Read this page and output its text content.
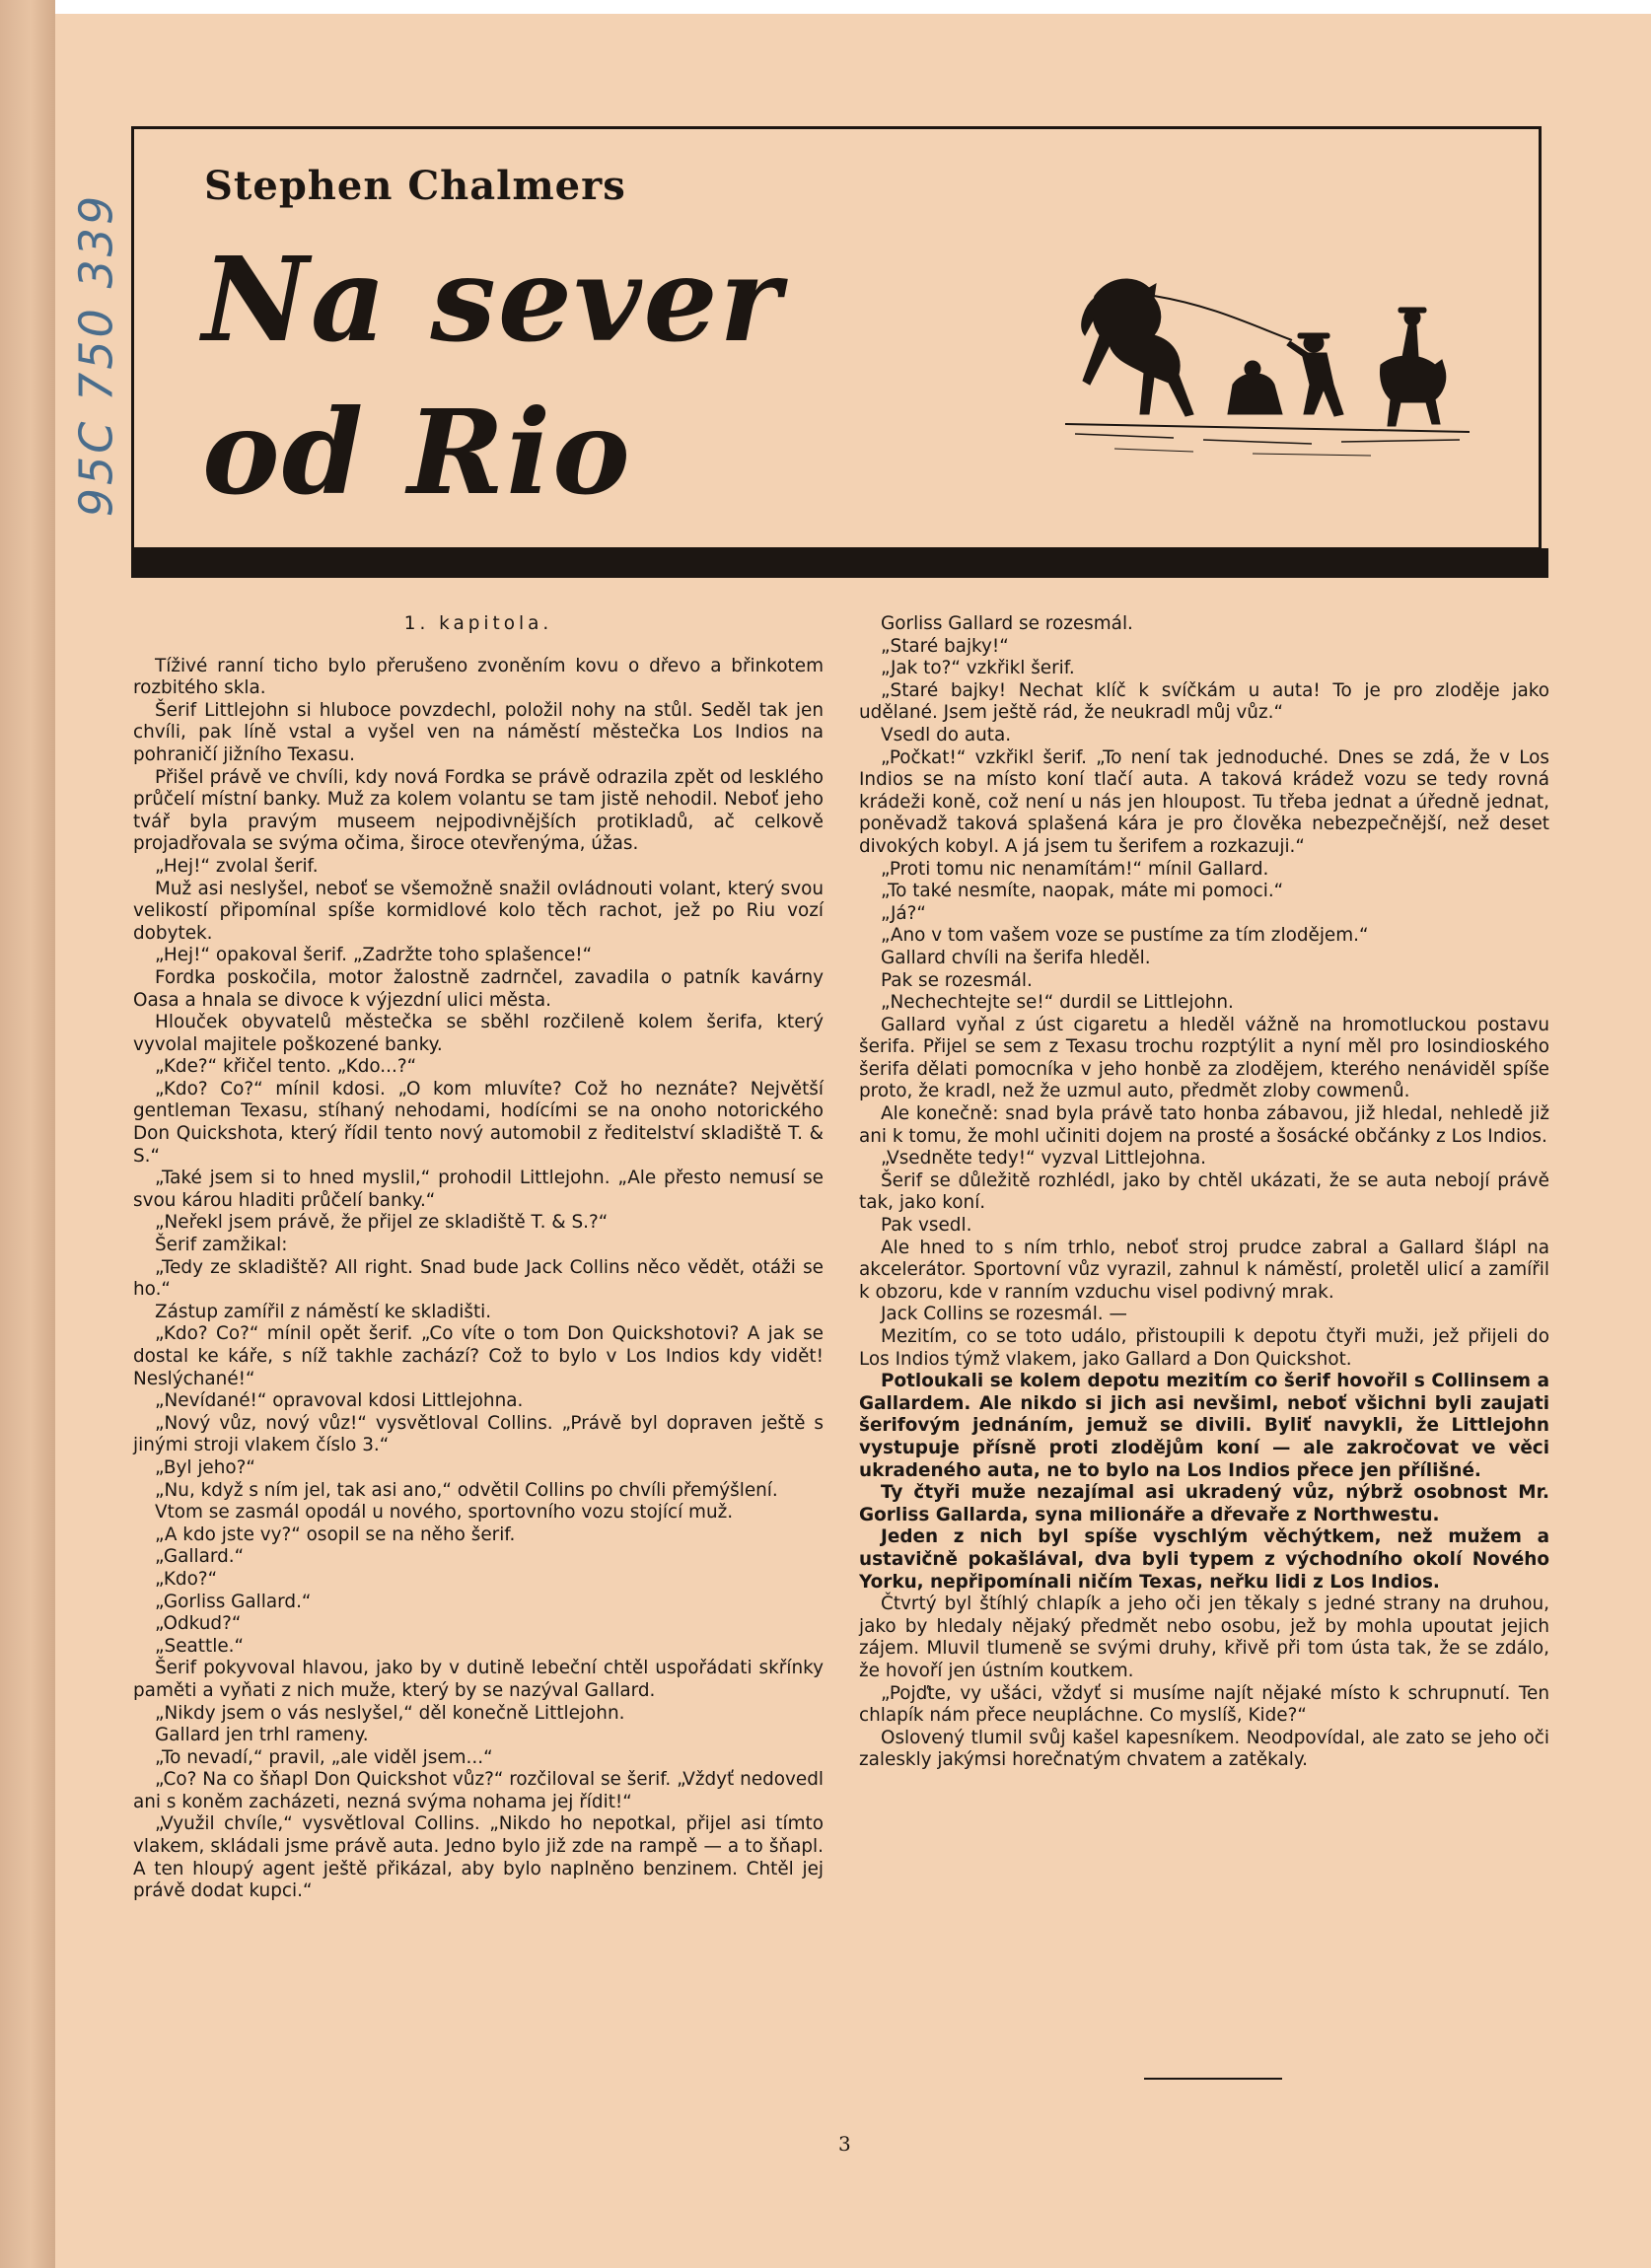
95C 750 339
Stephen Chalmers
Na sever
od Rio

1. kapitola.

Tíživé ranní ticho bylo přerušeno zvoněním kovu o dřevo a břinkotem rozbitého skla.

Šerif Littlejohn si hluboce povzdechl, položil nohy na stůl. Seděl tak jen chvíli, pak líně vstal a vyšel ven na náměstí městečka Los Indios na pohraničí jižního Texasu.

Přišel právě ve chvíli, kdy nová Fordka se právě odrazila zpět od lesklého průčelí místní banky. Muž za kolem volantu se tam jistě nehodil. Neboť jeho tvář byla pravým museem nejpodivnějších protikladů, ač celkově projadřovala se svýma očima, široce otevřenýma, úžas.

„Hej!“ zvolal šerif.

Muž asi neslyšel, neboť se všemožně snažil ovládnouti volant, který svou velikostí připomínal spíše kormidlové kolo těch rachot, jež po Riu vozí dobytek.

„Hej!“ opakoval šerif. „Zadržte toho splašence!“

Fordka poskočila, motor žalostně zadrnčel, zavadila o patník kavárny Oasa a hnala se divoce k výjezdní ulici města.

Hlouček obyvatelů městečka se sběhl rozčileně kolem šerifa, který vyvolal majitele poškozené banky.

„Kde?“ křičel tento. „Kdo...?“

„Kdo? Co?“ mínil kdosi. „O kom mluvíte? Což ho neznáte? Největší gentleman Texasu, stíhaný nehodami, hodícími se na onoho notorického Don Quickshota, který řídil tento nový automobil z ředitelství skladiště T. & S.“

„Také jsem si to hned myslil,“ prohodil Littlejohn. „Ale přesto nemusí se svou károu hladiti průčelí banky.“

„Neřekl jsem právě, že přijel ze skladiště T. & S.?“

Šerif zamžikal:

„Tedy ze skladiště? All right. Snad bude Jack Collins něco vědět, otáži se ho.“

Zástup zamířil z náměstí ke skladišti.

„Kdo? Co?“ mínil opět šerif. „Co víte o tom Don Quickshotovi? A jak se dostal ke káře, s níž takhle zachází? Což to bylo v Los Indios kdy vidět! Neslýchané!“

„Nevídané!“ opravoval kdosi Littlejohna.

„Nový vůz, nový vůz!“ vysvětloval Collins. „Právě byl dopraven ještě s jinými stroji vlakem číslo 3.“

„Byl jeho?“

„Nu, když s ním jel, tak asi ano,“ odvětil Collins po chvíli přemýšlení.

Vtom se zasmál opodál u nového, sportovního vozu stojící muž.

„A kdo jste vy?“ osopil se na něho šerif.

„Gallard.“

„Kdo?“

„Gorliss Gallard.“

„Odkud?“

„Seattle.“

Šerif pokyvoval hlavou, jako by v dutině lebeční chtěl uspořádati skřínky paměti a vyňati z nich muže, který by se nazýval Gallard.

„Nikdy jsem o vás neslyšel,“ děl konečně Littlejohn.

Gallard jen trhl rameny.

„To nevadí,“ pravil, „ale viděl jsem...“

„Co? Na co šňapl Don Quickshot vůz?“ rozčiloval se šerif. „Vždyť nedovedl ani s koněm zacházeti, nezná svýma nohama jej řídit!“

„Využil chvíle,“ vysvětloval Collins. „Nikdo ho nepotkal, přijel asi tímto vlakem, skládali jsme právě auta. Jedno bylo již zde na rampě — a to šňapl. A ten hloupý agent ještě přikázal, aby bylo naplněno benzinem. Chtěl jej právě dodat kupci.“

Gorliss Gallard se rozesmál.

„Staré bajky!“

„Jak to?“ vzkřikl šerif.

„Staré bajky! Nechat klíč k svíčkám u auta! To je pro zloděje jako udělané. Jsem ještě rád, že neukradl můj vůz.“

Vsedl do auta.

„Počkat!“ vzkřikl šerif. „To není tak jednoduché. Dnes se zdá, že v Los Indios se na místo koní tlačí auta. A taková krádež vozu se tedy rovná krádeži koně, což není u nás jen hloupost. Tu třeba jednat a úředně jednat, poněvadž taková splašená kára je pro člověka nebezpečnější, než deset divokých kobyl. A já jsem tu šerifem a rozkazuji.“

„Proti tomu nic nenamítám!“ mínil Gallard.

„To také nesmíte, naopak, máte mi pomoci.“

„Já?“

„Ano v tom vašem voze se pustíme za tím zlodějem.“

Gallard chvíli na šerifa hleděl.

Pak se rozesmál.

„Nechechtejte se!“ durdil se Littlejohn.

Gallard vyňal z úst cigaretu a hleděl vážně na hromotluckou postavu šerifa. Přijel se sem z Texasu trochu rozptýlit a nyní měl pro losindioského šerifa dělati pomocníka v jeho honbě za zlodějem, kterého nenáviděl spíše proto, že kradl, než že uzmul auto, předmět zloby cowmenů.

Ale konečně: snad byla právě tato honba zábavou, již hledal, nehledě již ani k tomu, že mohl učiniti dojem na prosté a šosácké občánky z Los Indios.

„Vsedněte tedy!“ vyzval Littlejohna.

Šerif se důležitě rozhlédl, jako by chtěl ukázati, že se auta nebojí právě tak, jako koní.

Pak vsedl.

Ale hned to s ním trhlo, neboť stroj prudce zabral a Gallard šlápl na akcelerátor. Sportovní vůz vyrazil, zahnul k náměstí, proletěl ulicí a zamířil k obzoru, kde v ranním vzduchu visel podivný mrak.

Jack Collins se rozesmál. —

Mezitím, co se toto událo, přistoupili k depotu čtyři muži, jež přijeli do Los Indios týmž vlakem, jako Gallard a Don Quickshot.

Potloukali se kolem depotu mezitím co šerif hovořil s Collinsem a Gallardem. Ale nikdo si jich asi nevšiml, neboť všichni byli zaujati šerifovým jednáním, jemuž se divili. Byliť navykli, že Littlejohn vystupuje přísně proti zlodějům koní — ale zakročovat ve věci ukradeného auta, ne to bylo na Los Indios přece jen přílišné.

Ty čtyři muže nezajímal asi ukradený vůz, nýbrž osobnost Mr. Gorliss Gallarda, syna milionáře a dřevaře z Northwestu.

Jeden z nich byl spíše vyschlým věchýtkem, než mužem a ustavičně pokašlával, dva byli typem z východního okolí Nového Yorku, nepřipomínali ničím Texas, neřku lidi z Los Indios.

Čtvrtý byl štíhlý chlapík a jeho oči jen těkaly s jedné strany na druhou, jako by hledaly nějaký předmět nebo osobu, jež by mohla upoutat jejich zájem. Mluvil tlumeně se svými druhy, křivě při tom ústa tak, že se zdálo, že hovoří jen ústním koutkem.

„Pojďte, vy ušáci, vždyť si musíme najít nějaké místo k schrupnutí. Ten chlapík nám přece neupláchne. Co myslíš, Kide?“

Oslovený tlumil svůj kašel kapesníkem. Neodpovídal, ale zato se jeho oči zaleskly jakýmsi horečnatým chvatem a zatěkaly.

3
